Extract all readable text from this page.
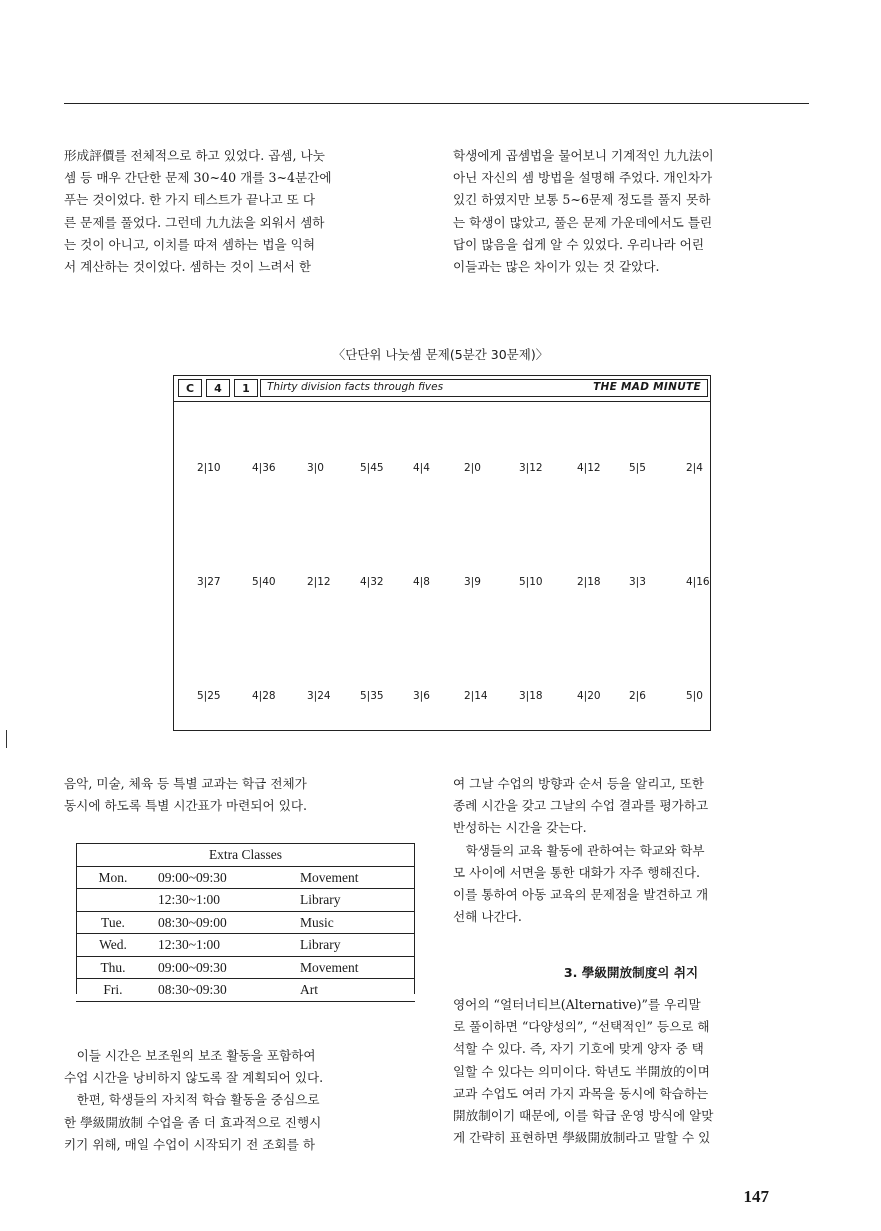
形成評價를 전체적으로 하고 있었다. 곱셈, 나눗
셈 등 매우 간단한 문제 30~40 개를 3~4분간에
푸는 것이었다. 한 가지 테스트가 끝나고 또 다
른 문제를 풀었다. 그런데 九九法을 외워서 셈하
는 것이 아니고, 이치를 따져 셈하는 법을 익혀
서 계산하는 것이었다. 셈하는 것이 느려서 한

학생에게 곱셈법을 물어보니 기계적인 九九法이
아닌 자신의 셈 방법을 설명해 주었다. 개인차가
있긴 하였지만 보통 5~6문제 정도를 풀지 못하
는 학생이 많았고, 풀은 문제 가운데에서도 틀린
답이 많음을 쉽게 알 수 있었다. 우리나라 어린
이들과는 많은 차이가 있는 것 같았다.

〈단단위 나눗셈 문제(5분간 30문제)〉
C	4	1	Thirty division facts through fives	THE MAD MINUTE
2|10	4|36	3|0	5|45	4|4	2|0	3|12	4|12	5|5	2|4
3|27	5|40	2|12	4|32	4|8	3|9	5|10	2|18	3|3	4|16
5|25	4|28	3|24	5|35	3|6	2|14	3|18	4|20	2|6	5|0

음악, 미술, 체육 등 특별 교과는 학급 전체가
동시에 하도록 특별 시간표가 마련되어 있다.

Extra Classes		
Mon.	09:00~09:30	Movement
	12:30~1:00	Library
Tue.	08:30~09:00	Music
Wed.	12:30~1:00	Library
Thu.	09:00~09:30	Movement
Fri.	08:30~09:30	Art

이들 시간은 보조원의 보조 활동을 포함하여
수업 시간을 낭비하지 않도록 잘 계획되어 있다.

한편, 학생들의 자치적 학습 활동을 중심으로
한 學級開放制 수업을 좀 더 효과적으로 진행시
키기 위해, 매일 수업이 시작되기 전 조회를 하

여 그날 수업의 방향과 순서 등을 알리고, 또한
종례 시간을 갖고 그날의 수업 결과를 평가하고
반성하는 시간을 갖는다.

학생들의 교육 활동에 관하여는 학교와 학부
모 사이에 서면을 통한 대화가 자주 행해진다.
이를 통하여 아동 교육의 문제점을 발견하고 개
선해 나간다.

3. 學級開放制度의 취지

영어의 “얼터너티브(Alternative)”를 우리말
로 풀이하면 “다양성의”, “선택적인” 등으로 해
석할 수 있다. 즉, 자기 기호에 맞게 양자 중 택
일할 수 있다는 의미이다. 학년도 半開放的이며
교과 수업도 여러 가지 과목을 동시에 학습하는
開放制이기 때문에, 이를 학급 운영 방식에 알맞
게 간략히 표현하면 學級開放制라고 말할 수 있

147
